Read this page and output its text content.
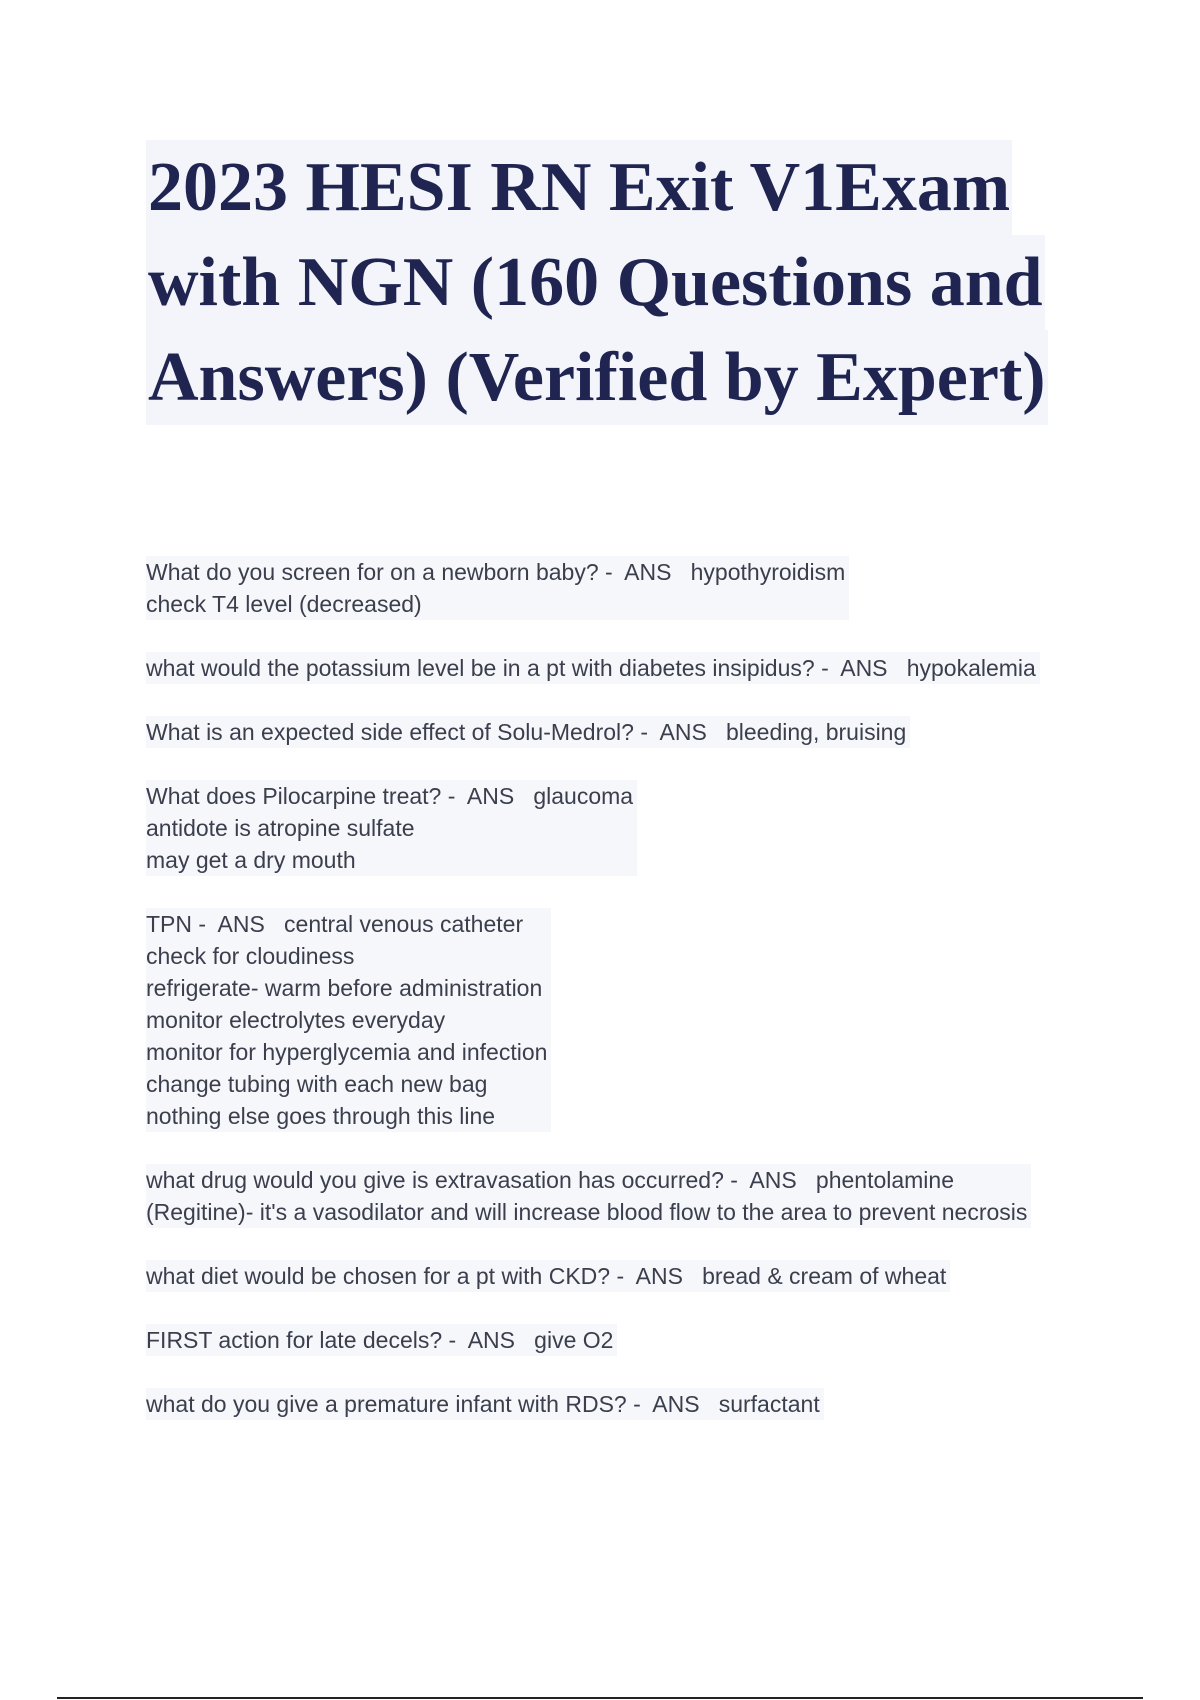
2023 HESI RN Exit V1Exam
with NGN (160 Questions and
Answers) (Verified by Expert)
What do you screen for on a newborn baby? -  ANS   hypothyroidism
check T4 level (decreased)
what would the potassium level be in a pt with diabetes insipidus? -  ANS   hypokalemia
What is an expected side effect of Solu-Medrol? -  ANS   bleeding, bruising
What does Pilocarpine treat? -  ANS   glaucoma
antidote is atropine sulfate
may get a dry mouth
TPN -  ANS   central venous catheter
check for cloudiness
refrigerate- warm before administration
monitor electrolytes everyday
monitor for hyperglycemia and infection
change tubing with each new bag
nothing else goes through this line
what drug would you give is extravasation has occurred? -  ANS   phentolamine
(Regitine)- it's a vasodilator and will increase blood flow to the area to prevent necrosis
what diet would be chosen for a pt with CKD? -  ANS   bread & cream of wheat
FIRST action for late decels? -  ANS   give O2
what do you give a premature infant with RDS? -  ANS   surfactant
